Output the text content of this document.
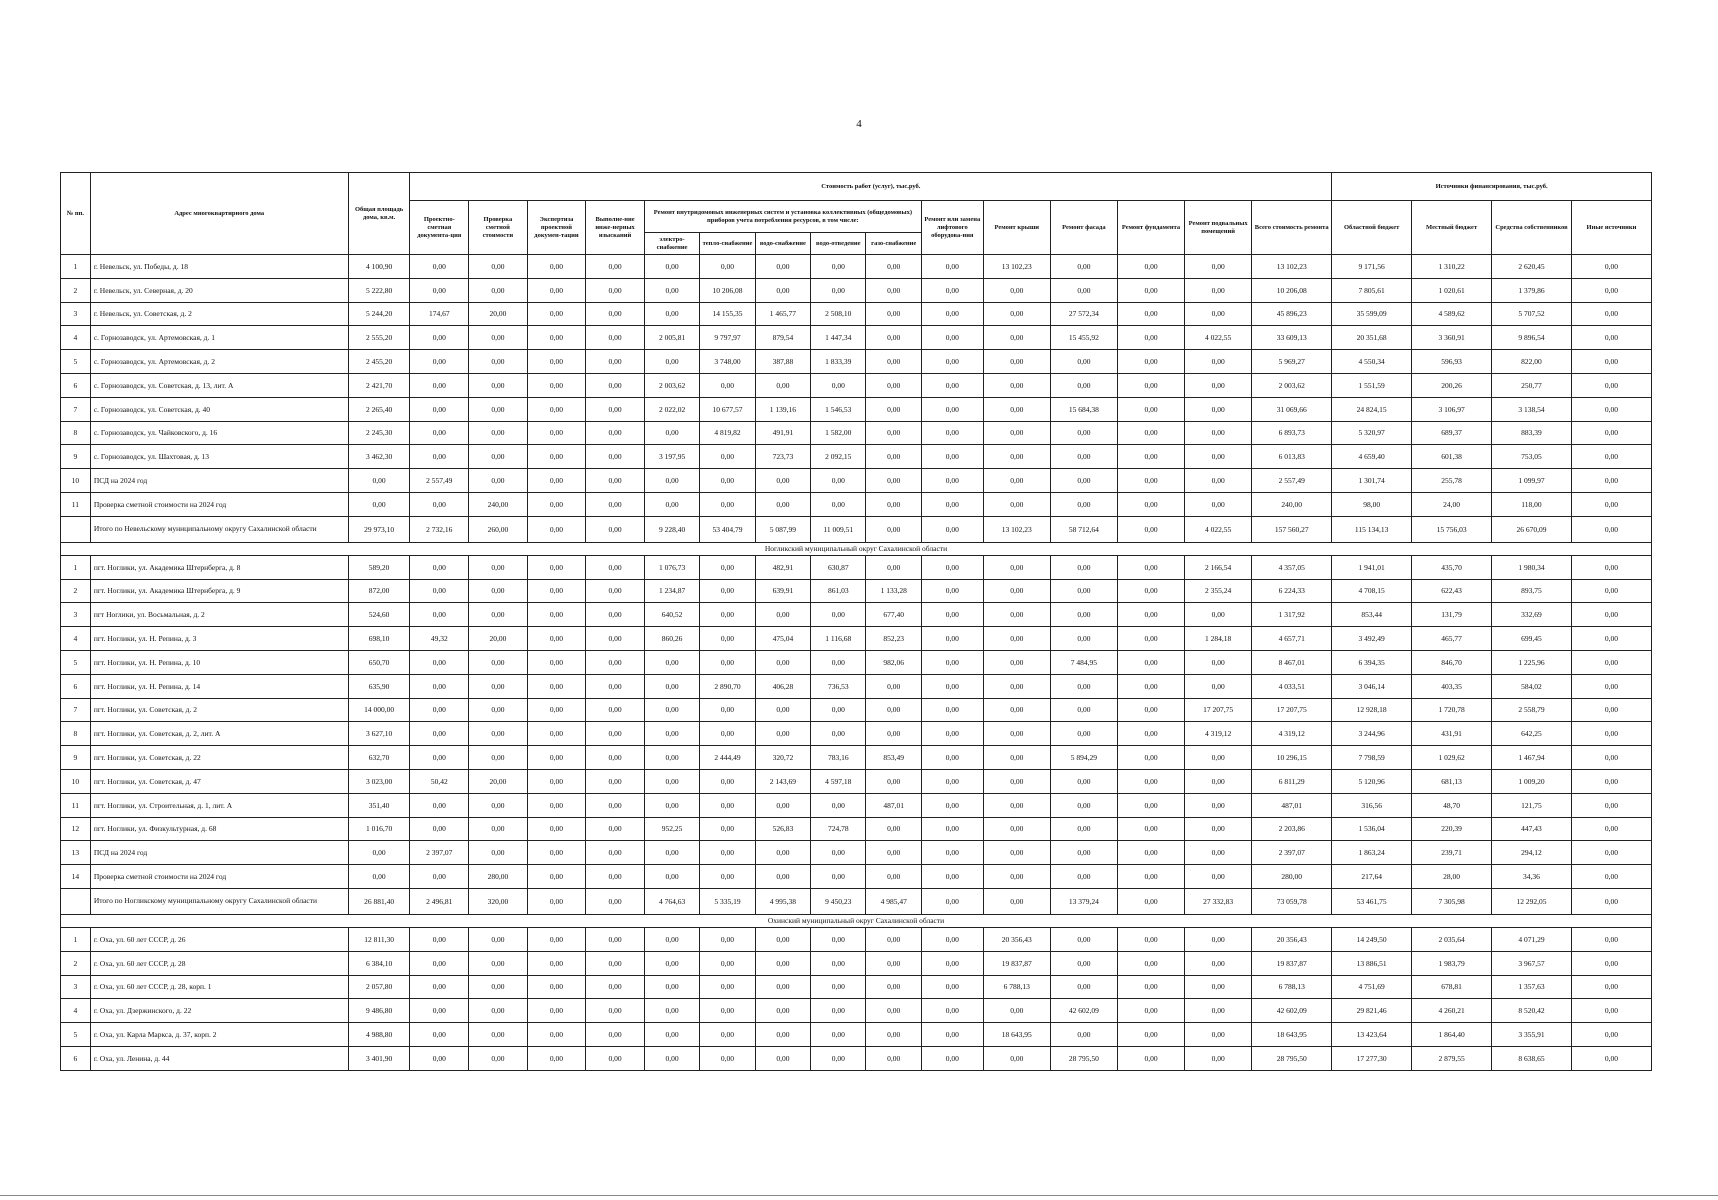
4
№ пп.	Адрес многоквартирного дома	Общая площадь дома, кв.м.	Стоимость работ (услуг), тыс.руб.															Источники финансирования, тыс.руб.			
			Проектно-сметная документа-ция	Проверка сметной стоимости	Экспертиза проектной докумен-тации	Выполне-ние инже-нерных изысканий	Ремонт внутридомовых инженерных систем и установка коллективных (общедомовых) приборов учета потребления ресурсов, в том числе:					Ремонт или замена лифтового оборудова-ния	Ремонт крыши	Ремонт фасада	Ремонт фундамента	Ремонт подвальных помещений	Всего стоимость ремонта	Областной бюджет	Местный бюджет	Средства собственников	Иные источники
							электро-снабжение	тепло-снабжение	водо-снабжение	водо-отведение	газо-снабжение										
1	г. Невельск, ул. Победы, д. 18	4 100,90	0,00	0,00	0,00	0,00	0,00	0,00	0,00	0,00	0,00	0,00	13 102,23	0,00	0,00	0,00	13 102,23	9 171,56	1 310,22	2 620,45	0,00
2	г. Невельск, ул. Северная, д. 20	5 222,80	0,00	0,00	0,00	0,00	0,00	10 206,08	0,00	0,00	0,00	0,00	0,00	0,00	0,00	0,00	10 206,08	7 805,61	1 020,61	1 379,86	0,00
3	г. Невельск, ул. Советская, д. 2	5 244,20	174,67	20,00	0,00	0,00	0,00	14 155,35	1 465,77	2 508,10	0,00	0,00	0,00	27 572,34	0,00	0,00	45 896,23	35 599,09	4 589,62	5 707,52	0,00
4	с. Горнозаводск, ул. Артемовская, д. 1	2 555,20	0,00	0,00	0,00	0,00	2 005,81	9 797,97	879,54	1 447,34	0,00	0,00	0,00	15 455,92	0,00	4 022,55	33 609,13	20 351,68	3 360,91	9 896,54	0,00
5	с. Горнозаводск, ул. Артемовская, д. 2	2 455,20	0,00	0,00	0,00	0,00	0,00	3 748,00	387,88	1 833,39	0,00	0,00	0,00	0,00	0,00	0,00	5 969,27	4 550,34	596,93	822,00	0,00
6	с. Горнозаводск, ул. Советская, д. 13, лит. А	2 421,70	0,00	0,00	0,00	0,00	2 003,62	0,00	0,00	0,00	0,00	0,00	0,00	0,00	0,00	0,00	2 003,62	1 551,59	200,26	250,77	0,00
7	с. Горнозаводск, ул. Советская, д. 40	2 265,40	0,00	0,00	0,00	0,00	2 022,02	10 677,57	1 139,16	1 546,53	0,00	0,00	0,00	15 684,38	0,00	0,00	31 069,66	24 824,15	3 106,97	3 138,54	0,00
8	с. Горнозаводск, ул. Чайковского, д. 16	2 245,30	0,00	0,00	0,00	0,00	0,00	4 819,82	491,91	1 582,00	0,00	0,00	0,00	0,00	0,00	0,00	6 893,73	5 320,97	689,37	883,39	0,00
9	с. Горнозаводск, ул. Шахтовая, д. 13	3 462,30	0,00	0,00	0,00	0,00	3 197,95	0,00	723,73	2 092,15	0,00	0,00	0,00	0,00	0,00	0,00	6 013,83	4 659,40	601,38	753,05	0,00
10	ПСД на 2024 год	0,00	2 557,49	0,00	0,00	0,00	0,00	0,00	0,00	0,00	0,00	0,00	0,00	0,00	0,00	0,00	2 557,49	1 301,74	255,78	1 099,97	0,00
11	Проверка сметной стоимости на 2024 год	0,00	0,00	240,00	0,00	0,00	0,00	0,00	0,00	0,00	0,00	0,00	0,00	0,00	0,00	0,00	240,00	98,00	24,00	118,00	0,00
	Итого по Невельскому муниципальному округу Сахалинской области	29 973,10	2 732,16	260,00	0,00	0,00	9 228,40	53 404,79	5 087,99	11 009,51	0,00	0,00	13 102,23	58 712,64	0,00	4 022,55	157 560,27	115 134,13	15 756,03	26 670,09	0,00
Ногликский муниципальный округ Сахалинской области																					
1	пгт. Ноглики, ул. Академика Штернберга, д. 8	589,20	0,00	0,00	0,00	0,00	1 076,73	0,00	482,91	630,87	0,00	0,00	0,00	0,00	0,00	2 166,54	4 357,05	1 941,01	435,70	1 980,34	0,00
2	пгт. Ноглики, ул. Академика Штернберга, д. 9	872,00	0,00	0,00	0,00	0,00	1 234,87	0,00	639,91	861,03	1 133,28	0,00	0,00	0,00	0,00	2 355,24	6 224,33	4 708,15	622,43	893,75	0,00
3	пгт Ноглики, ул. Восьмальная, д. 2	524,60	0,00	0,00	0,00	0,00	640,52	0,00	0,00	0,00	677,40	0,00	0,00	0,00	0,00	0,00	1 317,92	853,44	131,79	332,69	0,00
4	пгт. Ноглики, ул. Н. Репина, д. 3	698,10	49,32	20,00	0,00	0,00	860,26	0,00	475,04	1 116,68	852,23	0,00	0,00	0,00	0,00	1 284,18	4 657,71	3 492,49	465,77	699,45	0,00
5	пгт. Ноглики, ул. Н. Репина, д. 10	650,70	0,00	0,00	0,00	0,00	0,00	0,00	0,00	0,00	982,06	0,00	0,00	7 484,95	0,00	0,00	8 467,01	6 394,35	846,70	1 225,96	0,00
6	пгт. Ноглики, ул. Н. Репина, д. 14	635,90	0,00	0,00	0,00	0,00	0,00	2 890,70	406,28	736,53	0,00	0,00	0,00	0,00	0,00	0,00	4 033,51	3 046,14	403,35	584,02	0,00
7	пгт. Ноглики, ул. Советская, д. 2	14 000,00	0,00	0,00	0,00	0,00	0,00	0,00	0,00	0,00	0,00	0,00	0,00	0,00	0,00	17 207,75	17 207,75	12 928,18	1 720,78	2 558,79	0,00
8	пгт. Ноглики, ул. Советская, д. 2, лит. А	3 627,10	0,00	0,00	0,00	0,00	0,00	0,00	0,00	0,00	0,00	0,00	0,00	0,00	0,00	4 319,12	4 319,12	3 244,96	431,91	642,25	0,00
9	пгт. Ноглики, ул. Советская, д. 22	632,70	0,00	0,00	0,00	0,00	0,00	2 444,49	320,72	783,16	853,49	0,00	0,00	5 894,29	0,00	0,00	10 296,15	7 798,59	1 029,62	1 467,94	0,00
10	пгт. Ноглики, ул. Советская, д. 47	3 023,00	50,42	20,00	0,00	0,00	0,00	0,00	2 143,69	4 597,18	0,00	0,00	0,00	0,00	0,00	0,00	6 811,29	5 120,96	681,13	1 009,20	0,00
11	пгт. Ноглики, ул. Строительная, д. 1, лит. А	351,40	0,00	0,00	0,00	0,00	0,00	0,00	0,00	0,00	487,01	0,00	0,00	0,00	0,00	0,00	487,01	316,56	48,70	121,75	0,00
12	пгт. Ноглики, ул. Физкультурная, д. 68	1 016,70	0,00	0,00	0,00	0,00	952,25	0,00	526,83	724,78	0,00	0,00	0,00	0,00	0,00	0,00	2 203,86	1 536,04	220,39	447,43	0,00
13	ПСД на 2024 год	0,00	2 397,07	0,00	0,00	0,00	0,00	0,00	0,00	0,00	0,00	0,00	0,00	0,00	0,00	0,00	2 397,07	1 863,24	239,71	294,12	0,00
14	Проверка сметной стоимости на 2024 год	0,00	0,00	280,00	0,00	0,00	0,00	0,00	0,00	0,00	0,00	0,00	0,00	0,00	0,00	0,00	280,00	217,64	28,00	34,36	0,00
	Итого по Ногликскому муниципальному округу Сахалинской области	26 881,40	2 496,81	320,00	0,00	0,00	4 764,63	5 335,19	4 995,38	9 450,23	4 985,47	0,00	0,00	13 379,24	0,00	27 332,83	73 059,78	53 461,75	7 305,98	12 292,05	0,00
Охинский муниципальный округ Сахалинской области																					
1	г. Оха, ул. 60 лет СССР, д. 26	12 811,30	0,00	0,00	0,00	0,00	0,00	0,00	0,00	0,00	0,00	0,00	20 356,43	0,00	0,00	0,00	20 356,43	14 249,50	2 035,64	4 071,29	0,00
2	г. Оха, ул. 60 лет СССР, д. 28	6 384,10	0,00	0,00	0,00	0,00	0,00	0,00	0,00	0,00	0,00	0,00	19 837,87	0,00	0,00	0,00	19 837,87	13 886,51	1 983,79	3 967,57	0,00
3	г. Оха, ул. 60 лет СССР, д. 28, корп. 1	2 057,80	0,00	0,00	0,00	0,00	0,00	0,00	0,00	0,00	0,00	0,00	6 788,13	0,00	0,00	0,00	6 788,13	4 751,69	678,81	1 357,63	0,00
4	г. Оха, ул. Дзержинского, д. 22	9 486,80	0,00	0,00	0,00	0,00	0,00	0,00	0,00	0,00	0,00	0,00	0,00	42 602,09	0,00	0,00	42 602,09	29 821,46	4 260,21	8 520,42	0,00
5	г. Оха, ул. Карла Маркса, д. 37, корп. 2	4 988,80	0,00	0,00	0,00	0,00	0,00	0,00	0,00	0,00	0,00	0,00	18 643,95	0,00	0,00	0,00	18 643,95	13 423,64	1 864,40	3 355,91	0,00
6	г. Оха, ул. Ленина, д. 44	3 401,90	0,00	0,00	0,00	0,00	0,00	0,00	0,00	0,00	0,00	0,00	0,00	28 795,50	0,00	0,00	28 795,50	17 277,30	2 879,55	8 638,65	0,00
